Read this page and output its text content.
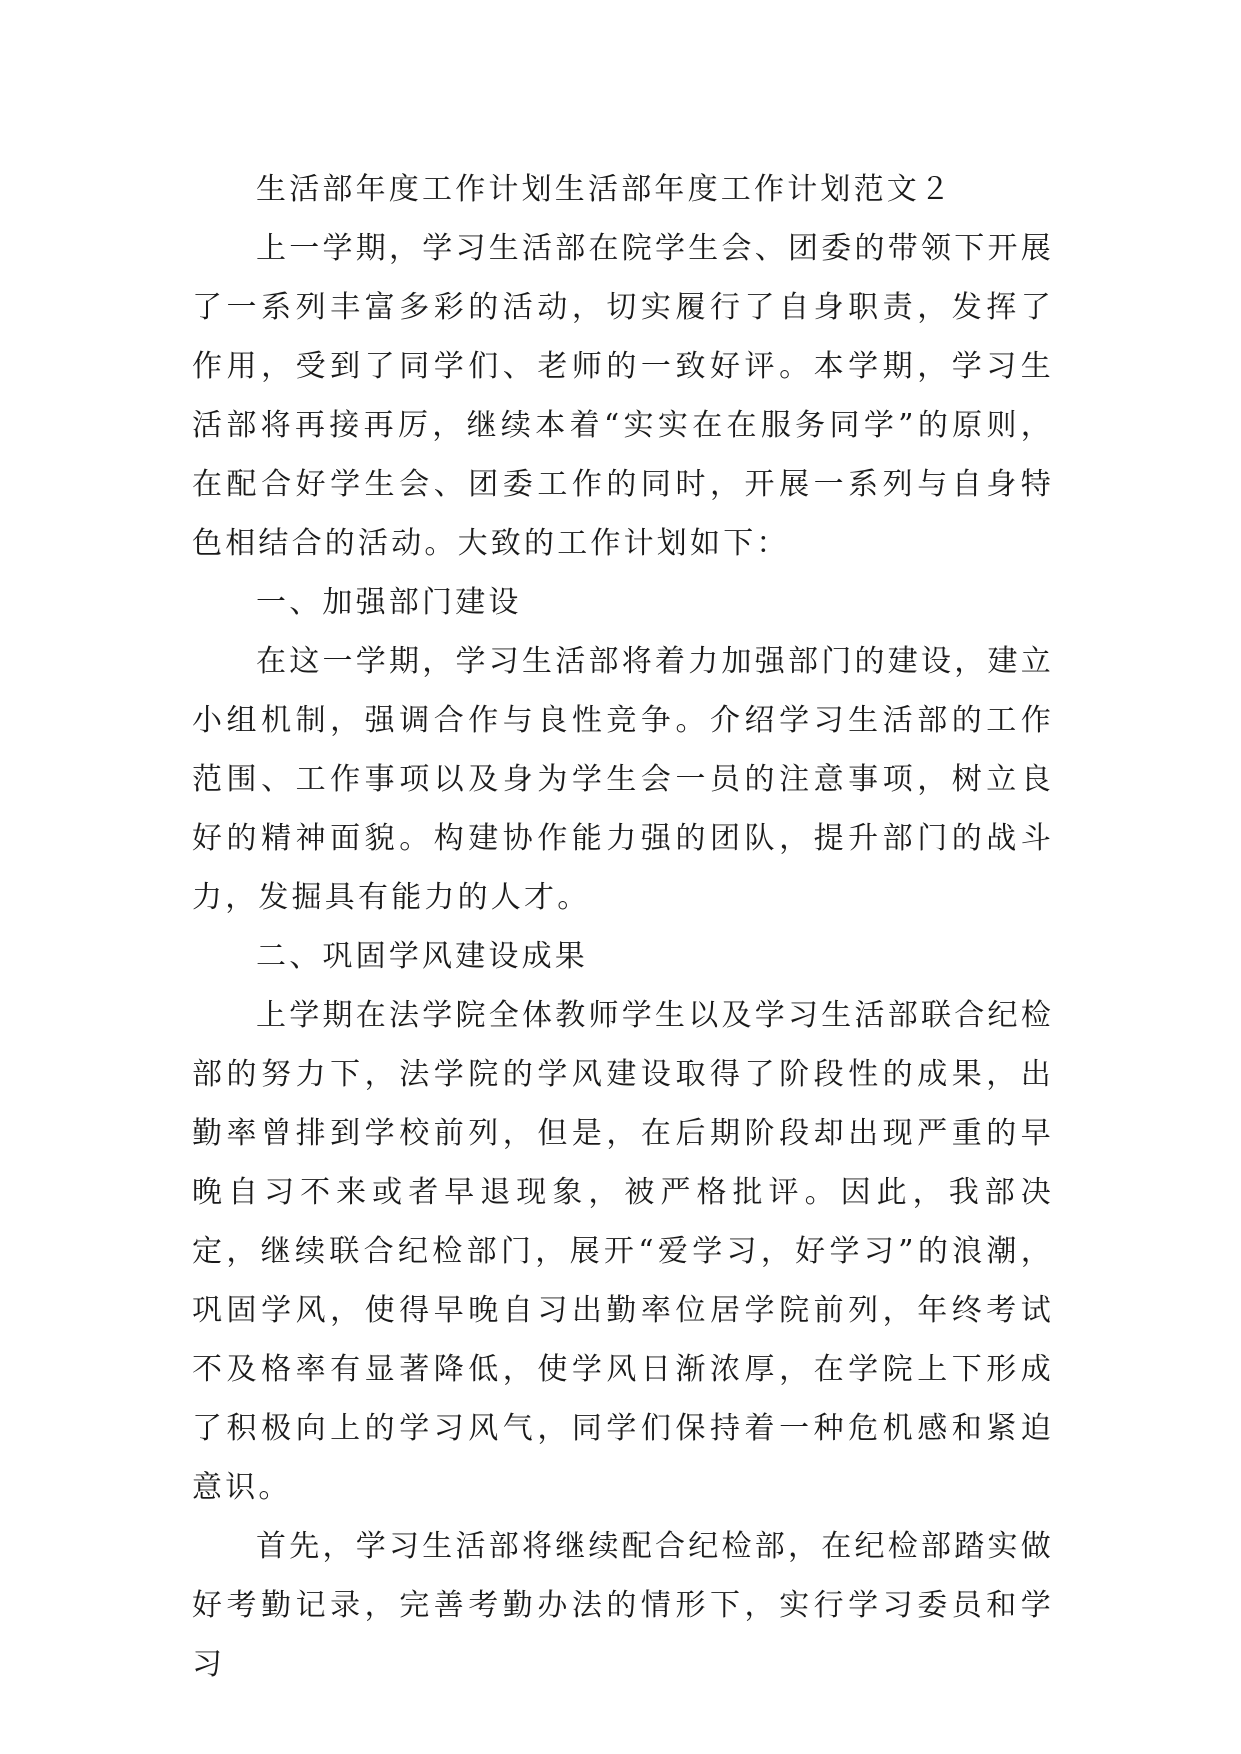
生活部年度工作计划生活部年度工作计划范文２

上一学期，学习生活部在院学生会、团委的带领下开展了一系列丰富多彩的活动，切实履行了自身职责，发挥了作用，受到了同学们、老师的一致好评。本学期，学习生活部将再接再厉，继续本着“实实在在服务同学”的原则，在配合好学生会、团委工作的同时，开展一系列与自身特色相结合的活动。大致的工作计划如下：

一、加强部门建设

在这一学期，学习生活部将着力加强部门的建设，建立小组机制，强调合作与良性竞争。介绍学习生活部的工作范围、工作事项以及身为学生会一员的注意事项，树立良好的精神面貌。构建协作能力强的团队，提升部门的战斗力，发掘具有能力的人才。

二、巩固学风建设成果

上学期在法学院全体教师学生以及学习生活部联合纪检部的努力下，法学院的学风建设取得了阶段性的成果，出勤率曾排到学校前列，但是，在后期阶段却出现严重的早晚自习不来或者早退现象，被严格批评。因此，我部决定，继续联合纪检部门，展开“爱学习，好学习”的浪潮，巩固学风，使得早晚自习出勤率位居学院前列，年终考试不及格率有显著降低，使学风日渐浓厚，在学院上下形成了积极向上的学习风气，同学们保持着一种危机感和紧迫意识。

首先，学习生活部将继续配合纪检部，在纪检部踏实做好考勤记录，完善考勤办法的情形下，实行学习委员和学习
